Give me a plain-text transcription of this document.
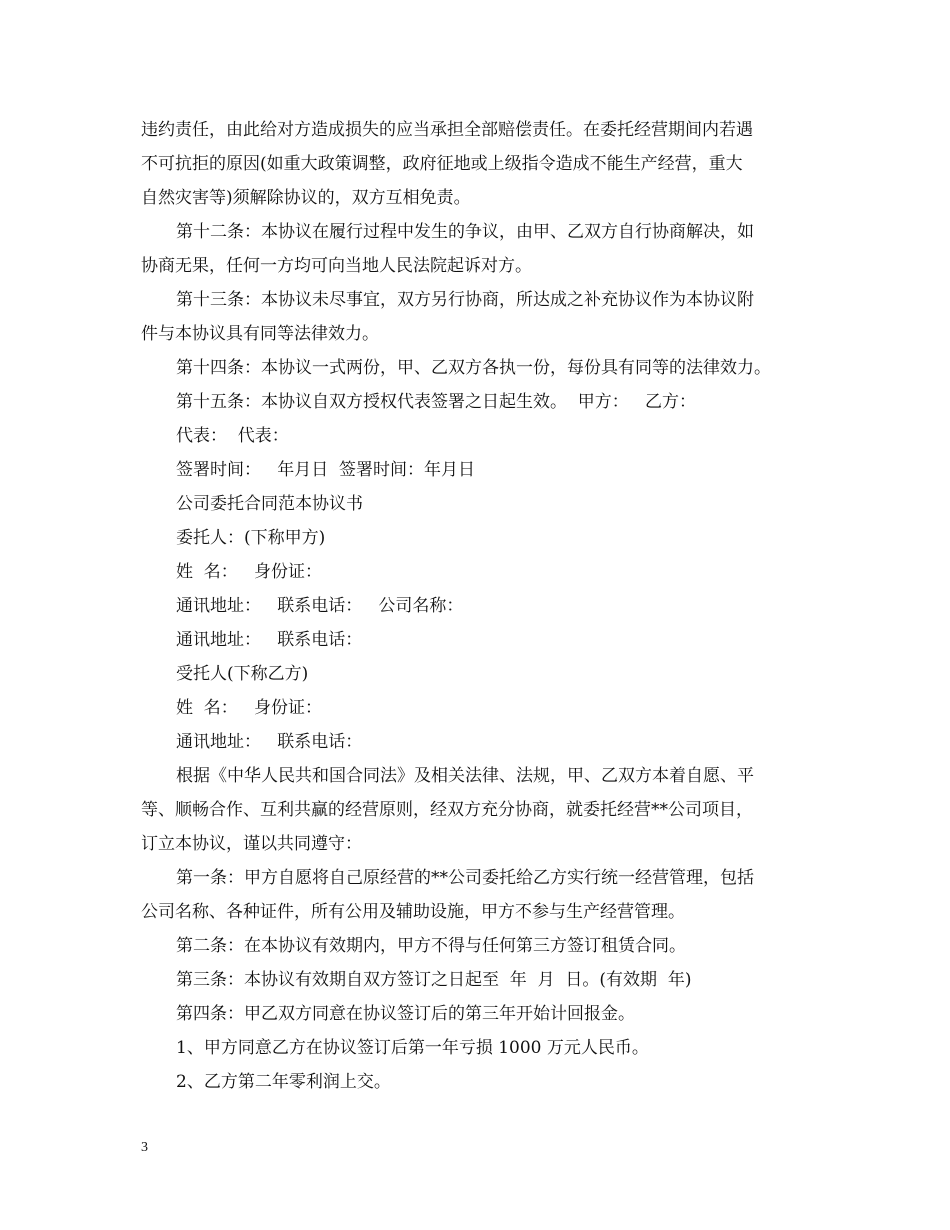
违约责任，由此给对方造成损失的应当承担全部赔偿责任。在委托经营期间内若遇

不可抗拒的原因(如重大政策调整，政府征地或上级指令造成不能生产经营，重大

自然灾害等)须解除协议的，双方互相免责。

第十二条：本协议在履行过程中发生的争议，由甲、乙双方自行协商解决，如

协商无果，任何一方均可向当地人民法院起诉对方。

第十三条：本协议未尽事宜，双方另行协商，所达成之补充协议作为本协议附

件与本协议具有同等法律效力。

第十四条：本协议一式两份，甲、乙双方各执一份，每份具有同等的法律效力。

第十五条：本协议自双方授权代表签署之日起生效。  甲方：   乙方：

代表：  代表：

签署时间：   年月日  签署时间：年月日

公司委托合同范本协议书

委托人：(下称甲方)

姓  名：   身份证：

通讯地址：   联系电话：   公司名称：

通讯地址：   联系电话：

受托人(下称乙方)

姓  名：   身份证：

通讯地址：   联系电话：

根据《中华人民共和国合同法》及相关法律、法规，甲、乙双方本着自愿、平

等、顺畅合作、互利共赢的经营原则，经双方充分协商，就委托经营**公司项目，

订立本协议，谨以共同遵守：

第一条：甲方自愿将自己原经营的**公司委托给乙方实行统一经营管理，包括

公司名称、各种证件，所有公用及辅助设施，甲方不参与生产经营管理。

第二条：在本协议有效期内，甲方不得与任何第三方签订租赁合同。

第三条：本协议有效期自双方签订之日起至  年  月  日。(有效期  年)

第四条：甲乙双方同意在协议签订后的第三年开始计回报金。

1、甲方同意乙方在协议签订后第一年亏损 1000 万元人民币。

2、乙方第二年零利润上交。

3
